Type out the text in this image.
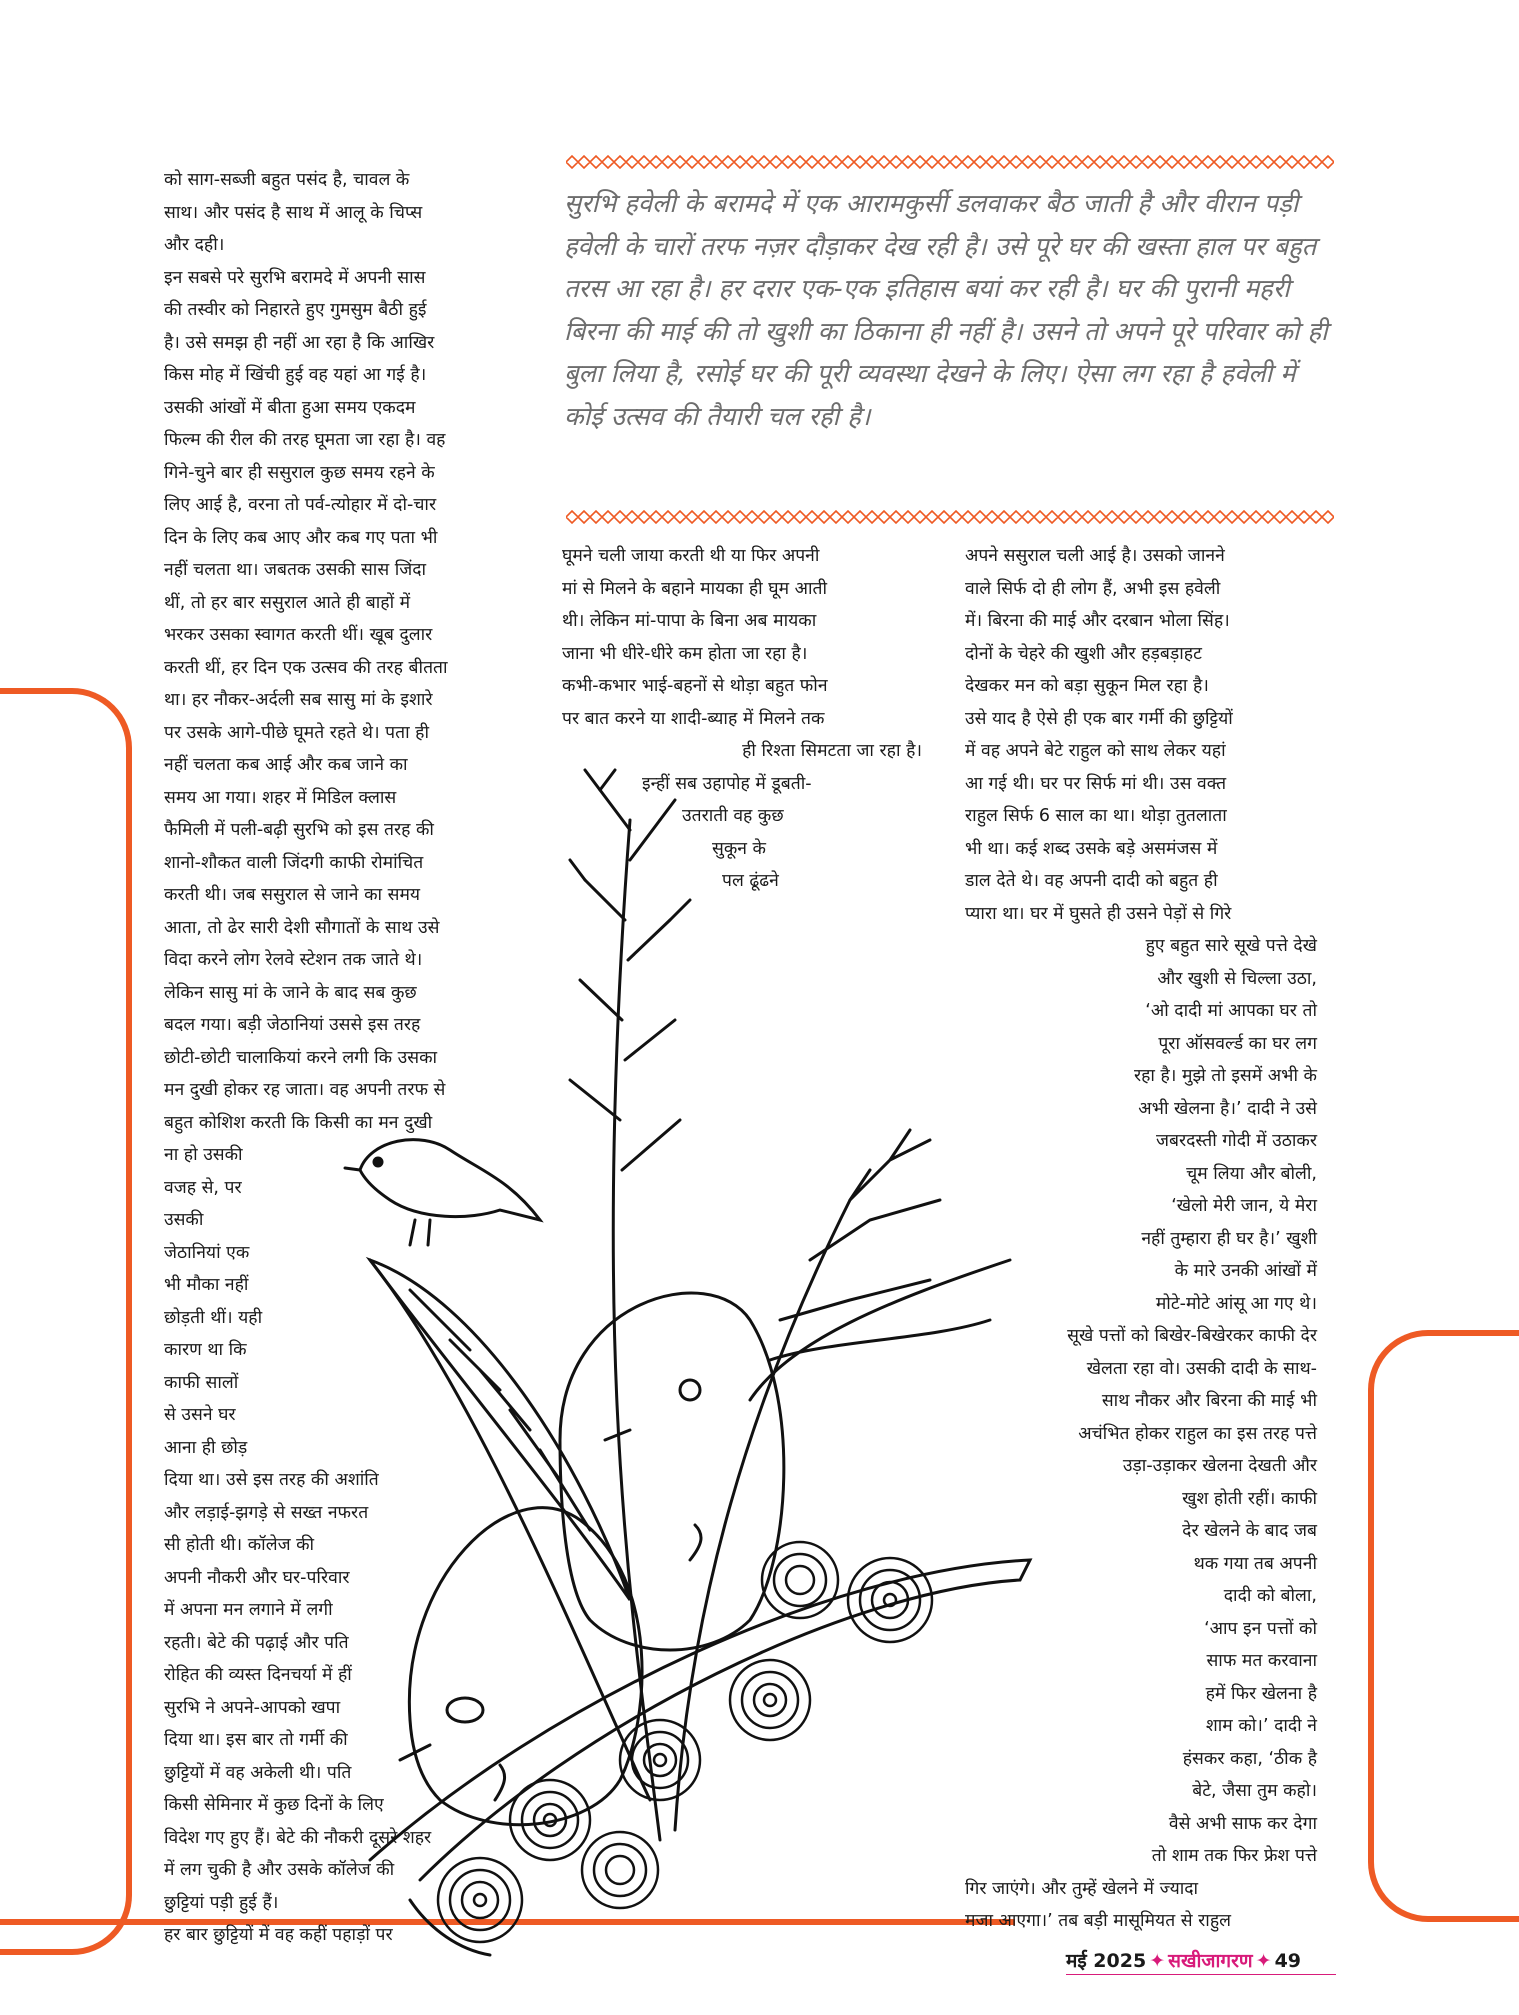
सुरभि हवेली के बरामदे में एक आरामकुर्सी डलवाकर बैठ जाती है और वीरान पड़ी हवेली के चारों तरफ नज़र दौड़ाकर देख रही है। उसे पूरे घर की खस्ता हाल पर बहुत तरस आ रहा है। हर दरार एक-एक इतिहास बयां कर रही है। घर की पुरानी महरी बिरना की माई की तो खुशी का ठिकाना ही नहीं है। उसने तो अपने पूरे परिवार को ही बुला लिया है, रसोई घर की पूरी व्यवस्था देखने के लिए। ऐसा लग रहा है हवेली में कोई उत्सव की तैयारी चल रही है।

को साग-सब्जी बहुत पसंद है, चावल के

साथ। और पसंद है साथ में आलू के चिप्स

और दही।

इन सबसे परे सुरभि बरामदे में अपनी सास

की तस्वीर को निहारते हुए गुमसुम बैठी हुई

है। उसे समझ ही नहीं आ रहा है कि आखिर

किस मोह में खिंची हुई वह यहां आ गई है।

उसकी आंखों में बीता हुआ समय एकदम

फिल्म की रील की तरह घूमता जा रहा है। वह

गिने-चुने बार ही ससुराल कुछ समय रहने के

लिए आई है, वरना तो पर्व-त्योहार में दो-चार

दिन के लिए कब आए और कब गए पता भी

नहीं चलता था। जबतक उसकी सास जिंदा

थीं, तो हर बार ससुराल आते ही बाहों में

भरकर उसका स्वागत करती थीं। खूब दुलार

करती थीं, हर दिन एक उत्सव की तरह बीतता

था। हर नौकर-अर्दली सब सासु मां के इशारे

पर उसके आगे-पीछे घूमते रहते थे। पता ही

नहीं चलता कब आई और कब जाने का

समय आ गया। शहर में मिडिल क्लास

फैमिली में पली-बढ़ी सुरभि को इस तरह की

शानो-शौकत वाली जिंदगी काफी रोमांचित

करती थी। जब ससुराल से जाने का समय

आता, तो ढेर सारी देशी सौगातों के साथ उसे

विदा करने लोग रेलवे स्टेशन तक जाते थे।

लेकिन सासु मां के जाने के बाद सब कुछ

बदल गया। बड़ी जेठानियां उससे इस तरह

छोटी-छोटी चालाकियां करने लगी कि उसका

मन दुखी होकर रह जाता। वह अपनी तरफ से

बहुत कोशिश करती कि किसी का मन दुखी

ना हो उसकी

वजह से, पर

उसकी

जेठानियां एक

भी मौका नहीं

छोड़ती थीं। यही

कारण था कि

काफी सालों

से उसने घर

आना ही छोड़

दिया था। उसे इस तरह की अशांति

और लड़ाई-झगड़े से सख्त नफरत

सी होती थी। कॉलेज की

अपनी नौकरी और घर-परिवार

में अपना मन लगाने में लगी

रहती। बेटे की पढ़ाई और पति

रोहित की व्यस्त दिनचर्या में हीं

सुरभि ने अपने-आपको खपा

दिया था। इस बार तो गर्मी की

छुट्टियों में वह अकेली थी। पति

किसी सेमिनार में कुछ दिनों के लिए

विदेश गए हुए हैं। बेटे की नौकरी दूसरे शहर

में लग चुकी है और उसके कॉलेज की

छुट्टियां पड़ी हुई हैं।

हर बार छुट्टियों में वह कहीं पहाड़ों पर

घूमने चली जाया करती थी या फिर अपनी

मां से मिलने के बहाने मायका ही घूम आती

थी। लेकिन मां-पापा के बिना अब मायका

जाना भी धीरे-धीरे कम होता जा रहा है।

कभी-कभार भाई-बहनों से थोड़ा बहुत फोन

पर बात करने या शादी-ब्याह में मिलने तक

ही रिश्ता सिमटता जा रहा है।

इन्हीं सब उहापोह में डूबती-

उतराती वह कुछ

सुकून के

पल ढूंढने

अपने ससुराल चली आई है। उसको जानने

वाले सिर्फ दो ही लोग हैं, अभी इस हवेली

में। बिरना की माई और दरबान भोला सिंह।

दोनों के चेहरे की खुशी और हड़बड़ाहट

देखकर मन को बड़ा सुकून मिल रहा है।

उसे याद है ऐसे ही एक बार गर्मी की छुट्टियों

में वह अपने बेटे राहुल को साथ लेकर यहां

आ गई थी। घर पर सिर्फ मां थी। उस वक्त

राहुल सिर्फ 6 साल का था। थोड़ा तुतलाता

भी था। कई शब्द उसके बड़े असमंजस में

डाल देते थे। वह अपनी दादी को बहुत ही

प्यारा था। घर में घुसते ही उसने पेड़ों से गिरे

हुए बहुत सारे सूखे पत्ते देखे

और खुशी से चिल्ला उठा,

‘ओ दादी मां आपका घर तो

पूरा ऑसवर्ल्ड का घर लग

रहा है। मुझे तो इसमें अभी के

अभी खेलना है।’ दादी ने उसे

जबरदस्ती गोदी में उठाकर

चूम लिया और बोली,

‘खेलो मेरी जान, ये मेरा

नहीं तुम्हारा ही घर है।’ खुशी

के मारे उनकी आंखों में

मोटे-मोटे आंसू आ गए थे।

सूखे पत्तों को बिखेर-बिखेरकर काफी देर

खेलता रहा वो। उसकी दादी के साथ-

साथ नौकर और बिरना की माई भी

अचंभित होकर राहुल का इस तरह पत्ते

उड़ा-उड़ाकर खेलना देखती और

खुश होती रहीं। काफी

देर खेलने के बाद जब

थक गया तब अपनी

दादी को बोला,

‘आप इन पत्तों को

साफ मत करवाना

हमें फिर खेलना है

शाम को।’ दादी ने

हंसकर कहा, ‘ठीक है

बेटे, जैसा तुम कहो।

वैसे अभी साफ कर देगा

तो शाम तक फिर फ्रेश पत्ते

गिर जाएंगे। और तुम्हें खेलने में ज्यादा

मजा आएगा।’ तब बड़ी मासूमियत से राहुल

मई 2025 ✦ सखीजागरण ✦ 49
